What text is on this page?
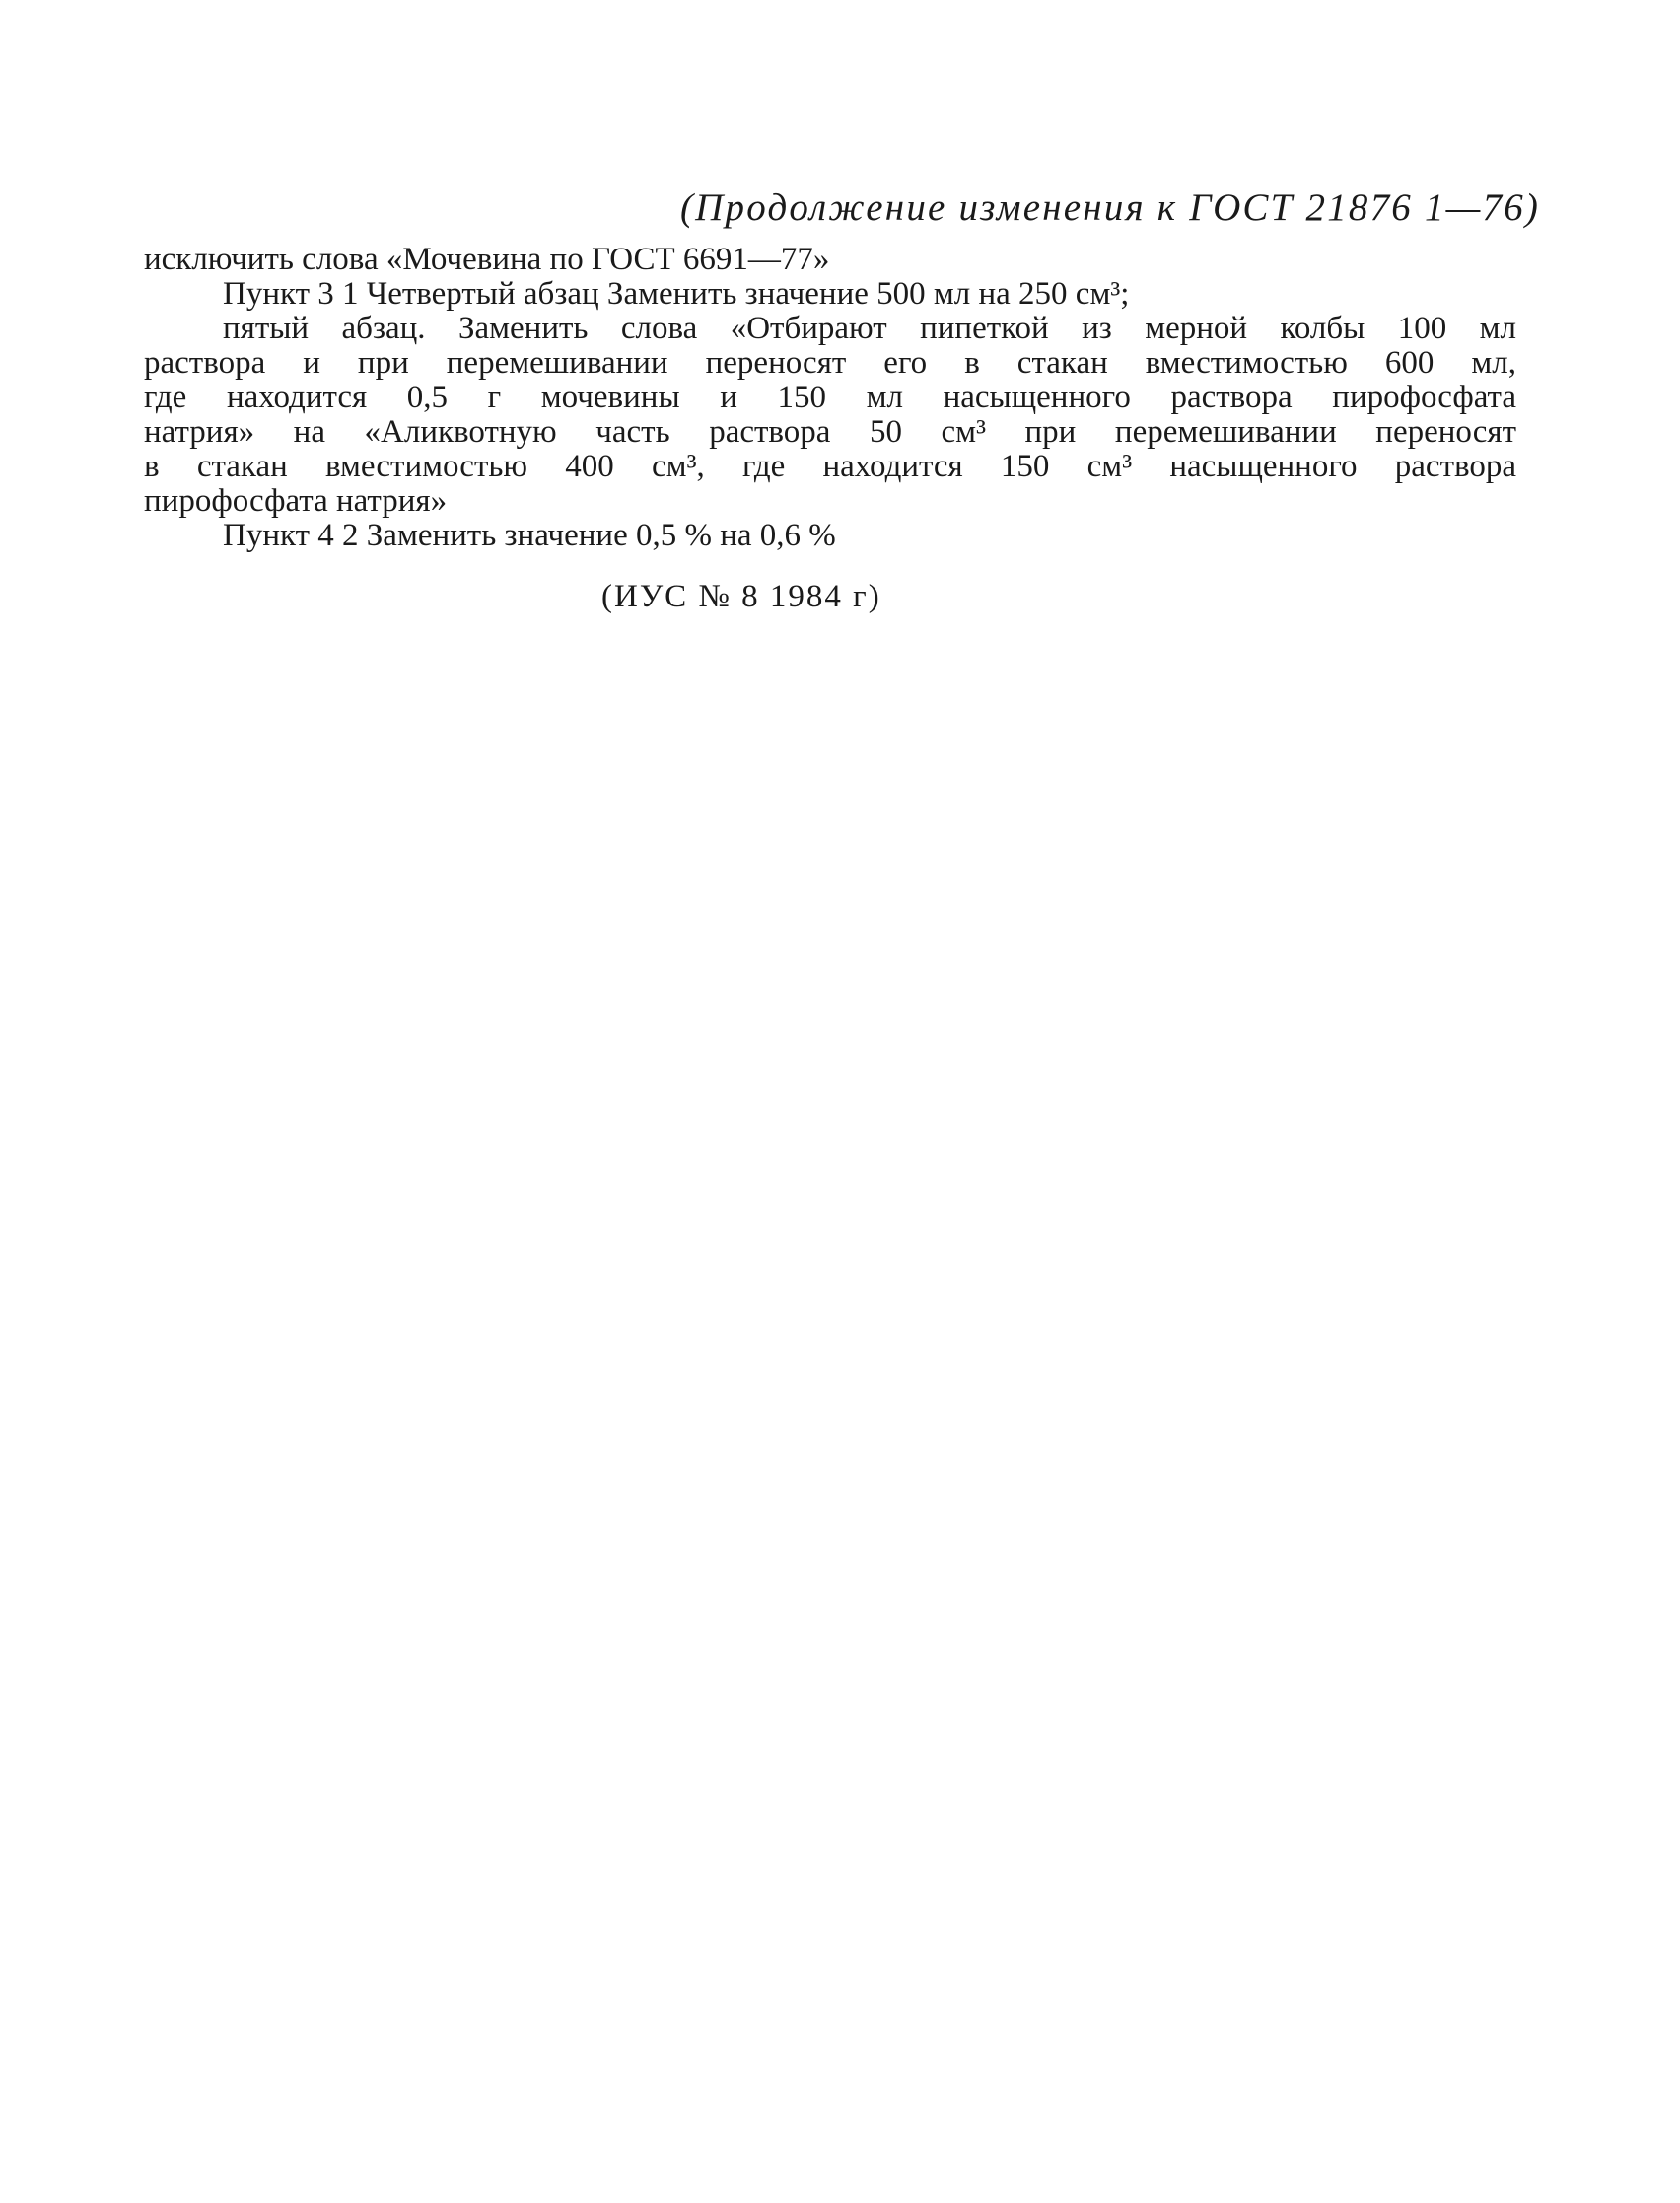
(Продолжение изменения к ГОСТ 21876 1—76)
исключить слова «Мочевина по ГОСТ 6691—77»
Пункт 3 1 Четвертый абзац Заменить значение 500 мл на 250 см³;
пятый абзац. Заменить слова «Отбирают пипеткой из мерной колбы 100 мл
раствора и при перемешивании переносят его в стакан вместимостью 600 мл,
где находится 0,5 г мочевины и 150 мл насыщенного раствора пирофосфата
натрия» на «Аликвотную часть раствора 50 см³ при перемешивании переносят
в стакан вместимостью 400 см³, где находится 150 см³ насыщенного раствора
пирофосфата натрия»
Пункт 4 2 Заменить значение 0,5 % на 0,6 %
(ИУС № 8 1984 г)
